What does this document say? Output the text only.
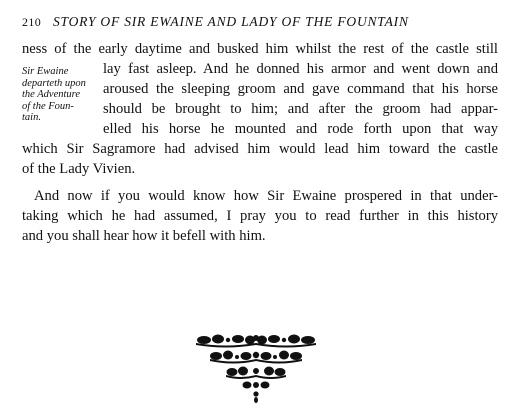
210 STORY OF SIR EWAINE AND LADY OF THE FOUNTAIN
Sir Ewaine
departeth upon
the Adventure
of the Foun-
tain.
ness of the early daytime and busked him whilst the rest of the castle still
lay fast asleep. And he donned his armor and went down and
aroused the sleeping groom and gave command that his horse
should be brought to him; and after the groom had appar-
elled his horse he mounted and rode forth upon that way
which Sir Sagramore had advised him would lead him toward the castle
of the Lady Vivien.
And now if you would know how Sir Ewaine prospered in that under-
taking which he had assumed, I pray you to read further in this history
and you shall hear how it befell with him.
